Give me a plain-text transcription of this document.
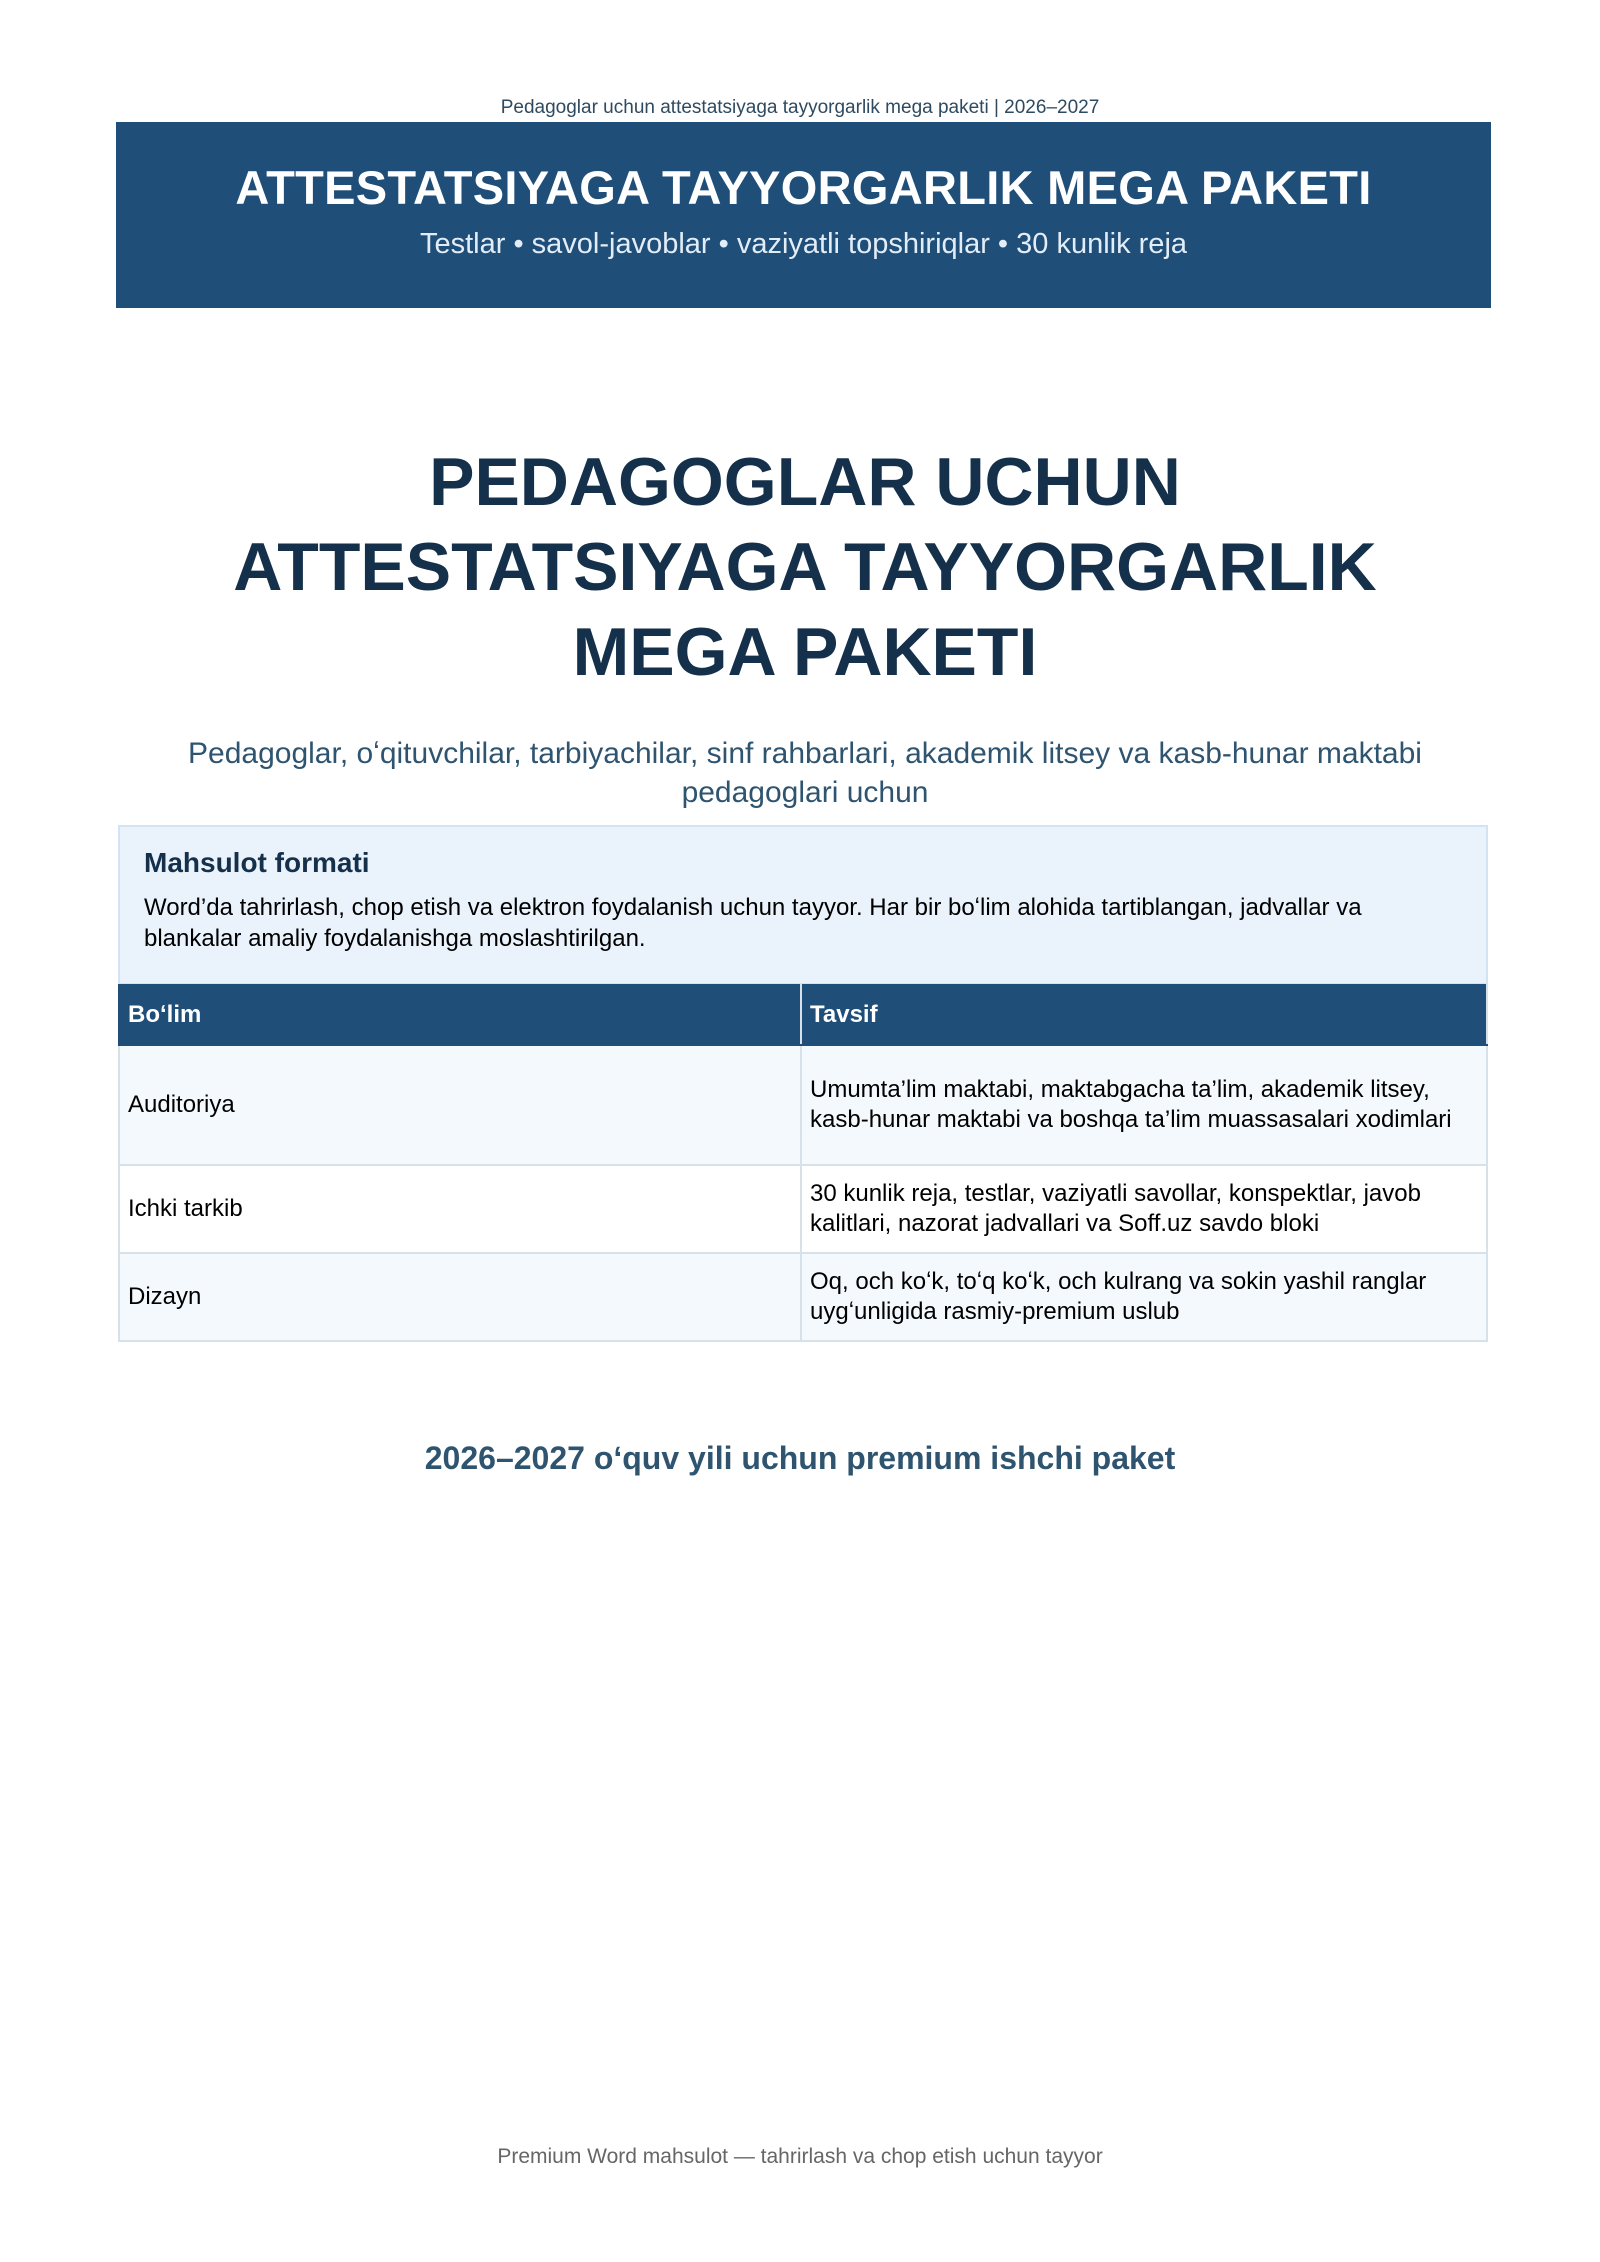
Pedagoglar uchun attestatsiyaga tayyorgarlik mega paketi | 2026–2027
ATTESTATSIYAGA TAYYORGARLIK MEGA PAKETI
Testlar • savol-javoblar • vaziyatli topshiriqlar • 30 kunlik reja
PEDAGOGLAR UCHUN
ATTESTATSIYAGA TAYYORGARLIK
MEGA PAKETI
Pedagoglar, oʻqituvchilar, tarbiyachilar, sinf rahbarlari, akademik litsey va kasb-hunar maktabi pedagoglari uchun
Mahsulot formati
Word’da tahrirlash, chop etish va elektron foydalanish uchun tayyor. Har bir boʻlim alohida tartiblangan, jadvallar va blankalar amaliy foydalanishga moslashtirilgan.
Boʻlim	Tavsif
Auditoriya	Umumta’lim maktabi, maktabgacha ta’lim, akademik litsey, kasb-hunar maktabi va boshqa ta’lim muassasalari xodimlari
Ichki tarkib	30 kunlik reja, testlar, vaziyatli savollar, konspektlar, javob kalitlari, nazorat jadvallari va Soff.uz savdo bloki
Dizayn	Oq, och koʻk, toʻq koʻk, och kulrang va sokin yashil ranglar uygʻunligida rasmiy-premium uslub
2026–2027 oʻquv yili uchun premium ishchi paket
Premium Word mahsulot — tahrirlash va chop etish uchun tayyor
